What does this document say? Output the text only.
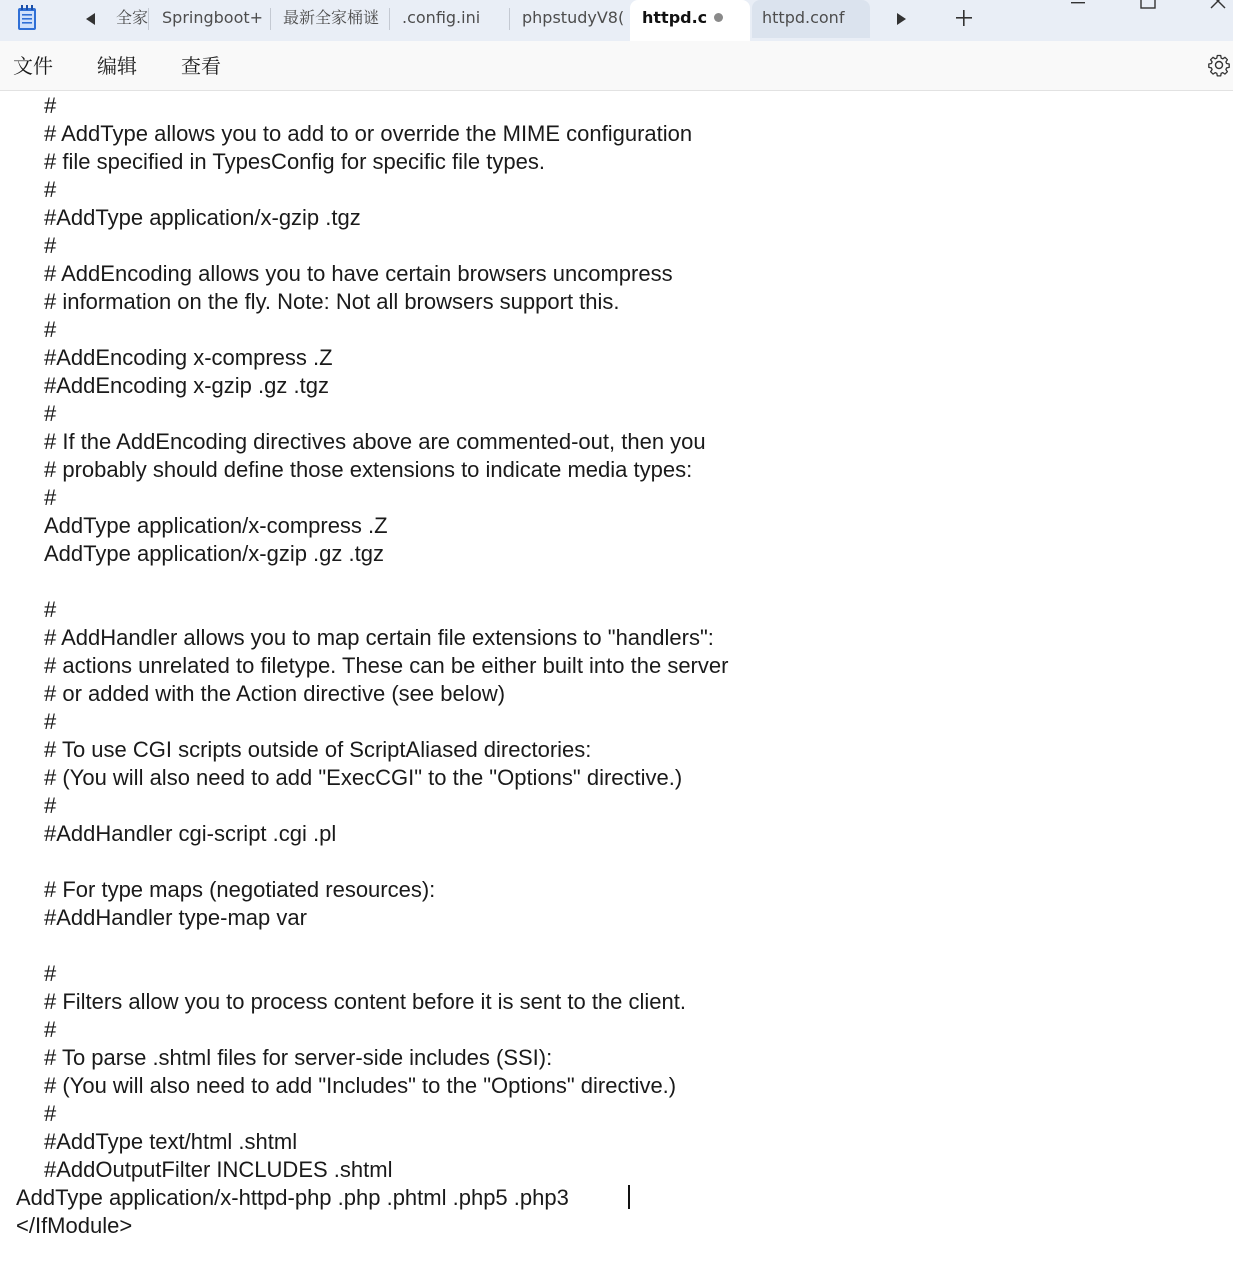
全家 Springboot+	最新全家桶谜	.config.ini	phpstudyV8( httpd.c	httpd.conf
文件 编辑 查看
#
# AddType allows you to add to or override the MIME configuration
# file specified in TypesConfig for specific file types.
#
#AddType application/x-gzip .tgz
#
# AddEncoding allows you to have certain browsers uncompress
# information on the fly. Note: Not all browsers support this.
#
#AddEncoding x-compress .Z
#AddEncoding x-gzip .gz .tgz
#
# If the AddEncoding directives above are commented-out, then you
# probably should define those extensions to indicate media types:
#
AddType application/x-compress .Z
AddType application/x-gzip .gz .tgz
#
# AddHandler allows you to map certain file extensions to "handlers":
# actions unrelated to filetype. These can be either built into the server
# or added with the Action directive (see below)
#
# To use CGI scripts outside of ScriptAliased directories:
# (You will also need to add "ExecCGI" to the "Options" directive.)
#
#AddHandler cgi-script .cgi .pl
# For type maps (negotiated resources):
#AddHandler type-map var
#
# Filters allow you to process content before it is sent to the client.
#
# To parse .shtml files for server-side includes (SSI):
# (You will also need to add "Includes" to the "Options" directive.)
#
#AddType text/html .shtml
#AddOutputFilter INCLUDES .shtml
AddType application/x-httpd-php .php .phtml .php5 .php3
</IfModule>
